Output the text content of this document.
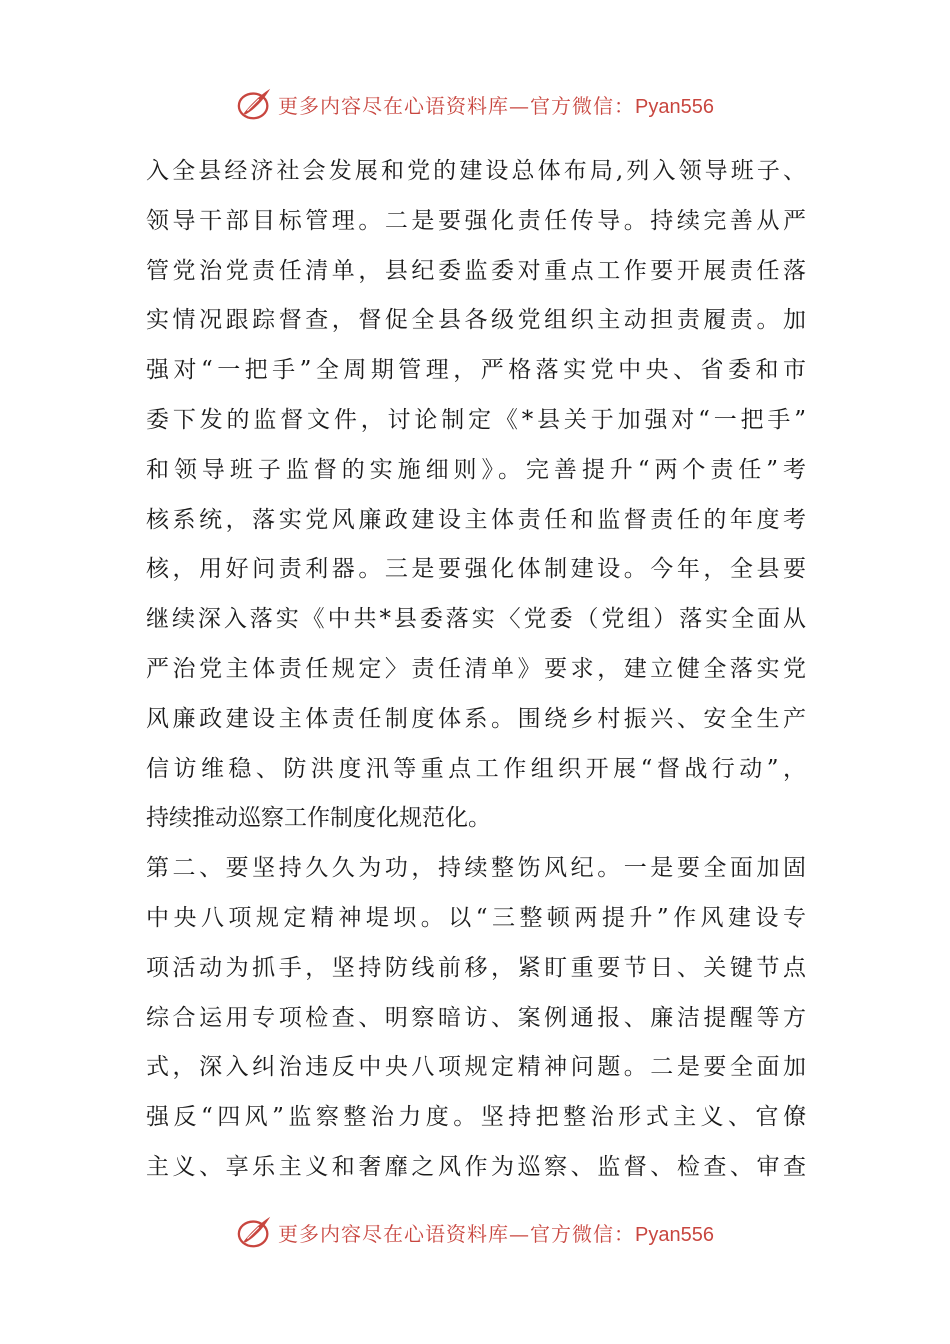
更多内容尽在心语资料库—官方微信：Pyan556
入全县经济社会发展和党的建设总体布局,列入领导班子、
领导干部目标管理。二是要强化责任传导。持续完善从严
管党治党责任清单，县纪委监委对重点工作要开展责任落
实情况跟踪督查，督促全县各级党组织主动担责履责。加
强对“一把手”全周期管理，严格落实党中央、省委和市
委下发的监督文件，讨论制定《*县关于加强对“一把手”
和领导班子监督的实施细则》。完善提升“两个责任”考
核系统，落实党风廉政建设主体责任和监督责任的年度考
核，用好问责利器。三是要强化体制建设。今年，全县要
继续深入落实《中共*县委落实〈党委（党组）落实全面从
严治党主体责任规定〉责任清单》要求，建立健全落实党
风廉政建设主体责任制度体系。围绕乡村振兴、安全生产
信访维稳、防洪度汛等重点工作组织开展“督战行动”，
持续推动巡察工作制度化规范化。
第二、要坚持久久为功，持续整饬风纪。一是要全面加固
中央八项规定精神堤坝。以“三整顿两提升”作风建设专
项活动为抓手，坚持防线前移，紧盯重要节日、关键节点
综合运用专项检查、明察暗访、案例通报、廉洁提醒等方
式，深入纠治违反中央八项规定精神问题。二是要全面加
强反“四风”监察整治力度。坚持把整治形式主义、官僚
主义、享乐主义和奢靡之风作为巡察、监督、检查、审查
更多内容尽在心语资料库—官方微信：Pyan556
